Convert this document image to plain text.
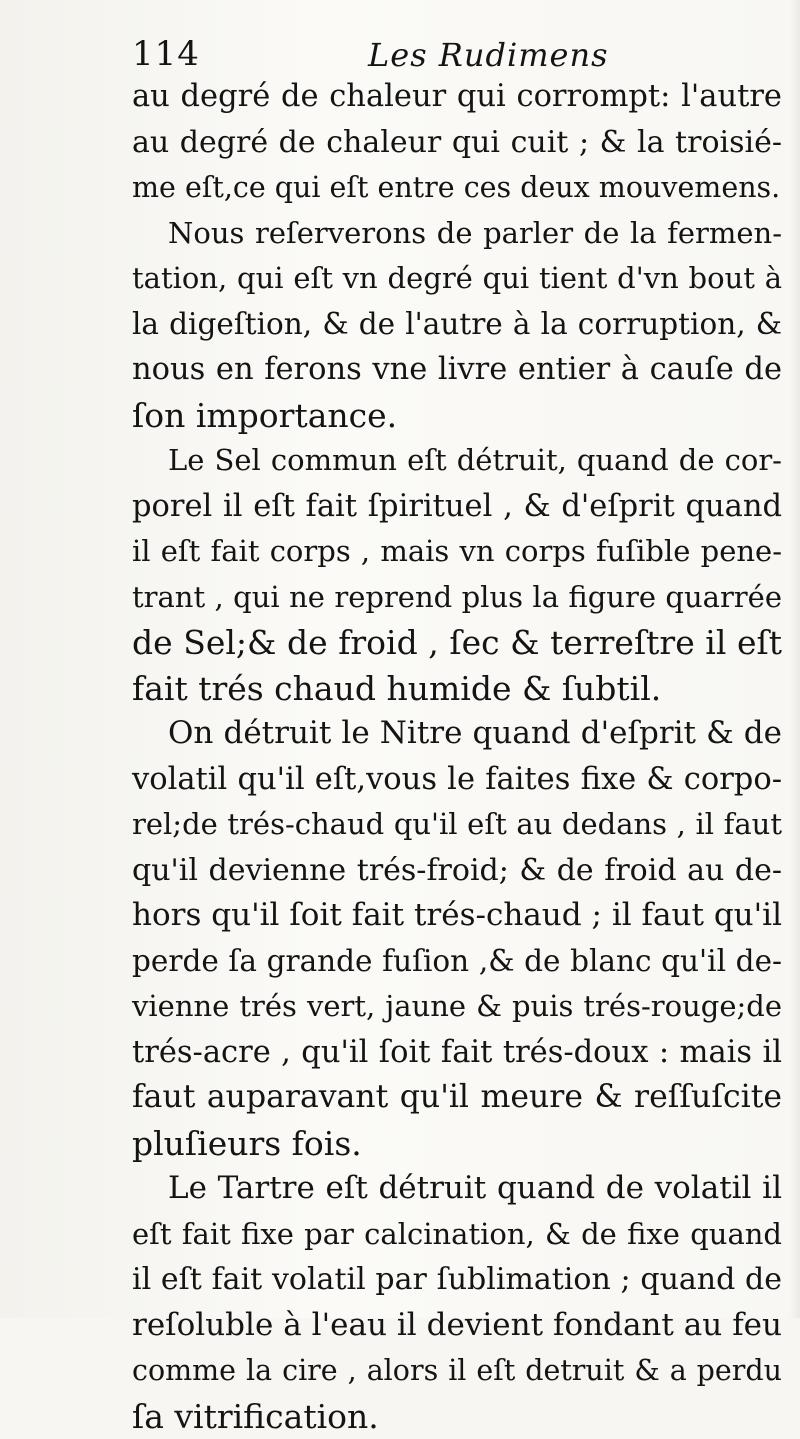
114	Les Rudimens

au degré de chaleur qui corrompt: l'autre
au degré de chaleur qui cuit ; & la troisié-
me eſt,ce qui eſt entre ces deux mouvemens.

Nous reſerverons de parler de la fermen-
tation, qui eſt vn degré qui tient d'vn bout à
la digeſtion, & de l'autre à la corruption, &
nous en ferons vne livre entier à cauſe de
ſon importance.

Le Sel commun eſt détruit, quand de cor-
porel il eſt fait ſpirituel , & d'eſprit quand
il eſt fait corps , mais vn corps fuſible pene-
trant , qui ne reprend plus la figure quarrée
de Sel;& de froid , ſec & terreſtre il eſt
fait trés chaud humide & ſubtil.

On détruit le Nitre quand d'eſprit & de
volatil qu'il eſt,vous le faites fixe & corpo-
rel;de trés-chaud qu'il eſt au dedans , il faut
qu'il devienne trés-froid; & de froid au de-
hors qu'il ſoit fait trés-chaud ; il faut qu'il
perde ſa grande fuſion ,& de blanc qu'il de-
vienne trés vert, jaune & puis trés-rouge;de
trés-acre , qu'il ſoit fait trés-doux : mais il
faut auparavant qu'il meure & reſſuſcite
pluſieurs fois.

Le Tartre eſt détruit quand de volatil il
eſt fait fixe par calcination, & de fixe quand
il eſt fait volatil par ſublimation ; quand de
reſoluble à l'eau il devient fondant au feu
comme la cire , alors il eſt detruit & a perdu
ſa vitrification.
